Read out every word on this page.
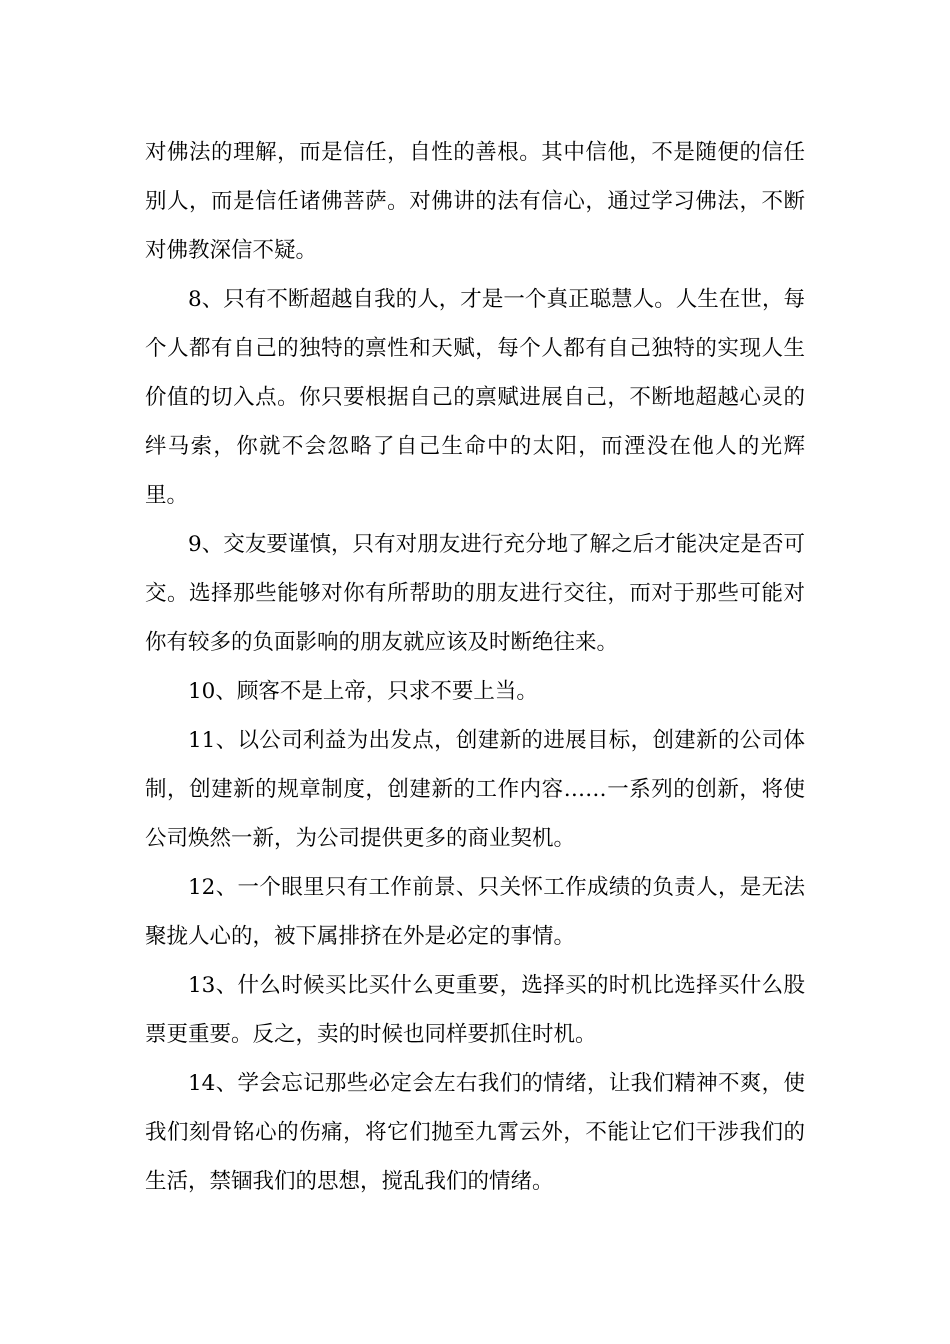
对佛法的理解，而是信任，自性的善根。其中信他，不是随便的信任别人，而是信任诸佛菩萨。对佛讲的法有信心，通过学习佛法，不断对佛教深信不疑。

8、只有不断超越自我的人，才是一个真正聪慧人。人生在世，每个人都有自己的独特的禀性和天赋，每个人都有自己独特的实现人生价值的切入点。你只要根据自己的禀赋进展自己，不断地超越心灵的绊马索，你就不会忽略了自己生命中的太阳，而湮没在他人的光辉里。

9、交友要谨慎，只有对朋友进行充分地了解之后才能决定是否可交。选择那些能够对你有所帮助的朋友进行交往，而对于那些可能对你有较多的负面影响的朋友就应该及时断绝往来。

10、顾客不是上帝，只求不要上当。

11、以公司利益为出发点，创建新的进展目标，创建新的公司体制，创建新的规章制度，创建新的工作内容……一系列的创新，将使公司焕然一新，为公司提供更多的商业契机。

12、一个眼里只有工作前景、只关怀工作成绩的负责人，是无法聚拢人心的，被下属排挤在外是必定的事情。

13、什么时候买比买什么更重要，选择买的时机比选择买什么股票更重要。反之，卖的时候也同样要抓住时机。

14、学会忘记那些必定会左右我们的情绪，让我们精神不爽，使我们刻骨铭心的伤痛，将它们抛至九霄云外，不能让它们干涉我们的生活，禁锢我们的思想，搅乱我们的情绪。
